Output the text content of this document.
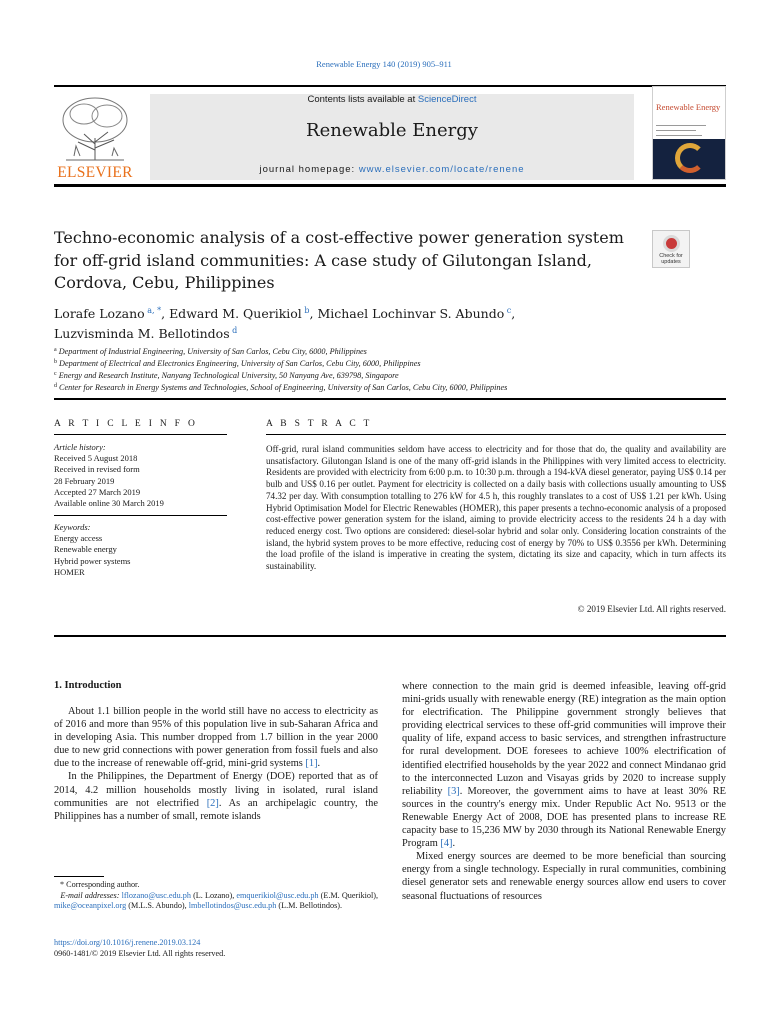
Renewable Energy 140 (2019) 905–911
ELSEVIER
Contents lists available at ScienceDirect
Renewable Energy
journal homepage: www.elsevier.com/locate/renene
Renewable Energy
Techno-economic analysis of a cost-effective power generation system for off-grid island communities: A case study of Gilutongan Island, Cordova, Cebu, Philippines
Check for updates
Lorafe Lozano $^{a, *}$, Edward M. Querikiol $^b$, Michael Lochinvar S. Abundo $^c$,
Luzvisminda M. Bellotindos $^d$
$^a$ Department of Industrial Engineering, University of San Carlos, Cebu City, 6000, Philippines
$^b$ Department of Electrical and Electronics Engineering, University of San Carlos, Cebu City, 6000, Philippines
$^c$ Energy and Research Institute, Nanyang Technological University, 50 Nanyang Ave, 639798, Singapore
$^d$ Center for Research in Energy Systems and Technologies, School of Engineering, University of San Carlos, Cebu City, 6000, Philippines
A R T I C L E I N F O
Article history:
Received 5 August 2018
Received in revised form
28 February 2019
Accepted 27 March 2019
Available online 30 March 2019
Keywords:
Energy access
Renewable energy
Hybrid power systems
HOMER
A B S T R A C T
Off-grid, rural island communities seldom have access to electricity and for those that do, the quality and availability are unsatisfactory. Gilutongan Island is one of the many off-grid islands in the Philippines with very limited access to electricity. Residents are provided with electricity from 6:00 p.m. to 10:30 p.m. through a 194-kVA diesel generator, paying US$ 0.14 per bulb and US$ 0.16 per outlet. Payment for electricity is collected on a daily basis with collections usually amounting to US$ 74.32 per day. With consumption totalling to 276 kW for 4.5 h, this roughly translates to a cost of US$ 1.21 per kWh. Using Hybrid Optimisation Model for Electric Renewables (HOMER), this paper presents a techno-economic analysis of a proposed cost-effective power generation system for the island, aiming to provide electricity access to the residents 24 h a day with reduced energy cost. Two options are considered: diesel-solar hybrid and solar only. Considering location constraints of the island, the hybrid system proves to be more effective, reducing cost of energy by 70% to US$ 0.3556 per kWh. Determining the load profile of the island is imperative in creating the system, dictating its size and capacity, which in turn affects its sustainability.
© 2019 Elsevier Ltd. All rights reserved.
1. Introduction

About 1.1 billion people in the world still have no access to electricity as of 2016 and more than 95% of this population live in sub-Saharan Africa and in developing Asia. This number dropped from 1.7 billion in the year 2000 due to new grid connections with power generation from fossil fuels and also due to the increase of renewable off-grid, mini-grid systems [1].

In the Philippines, the Department of Energy (DOE) reported that as of 2014, 4.2 million households mostly living in isolated, rural island communities are not electrified [2]. As an archipelagic country, the Philippines has a number of small, remote islands

where connection to the main grid is deemed infeasible, leaving off-grid mini-grids usually with renewable energy (RE) integration as the main option for electrification. The Philippine government strongly believes that providing electrical services to these off-grid communities will improve their quality of life, expand access to basic services, and strengthen infrastructure for rural development. DOE foresees to achieve 100% electrification of identified electrified households by the year 2022 and connect Mindanao grid to the interconnected Luzon and Visayas grids by 2020 to increase supply reliability [3]. Moreover, the government aims to have at least 30% RE sources in the country's energy mix. Under Republic Act No. 9513 or the Renewable Energy Act of 2008, DOE has presented plans to increase RE capacity base to 15,236 MW by 2030 through its National Renewable Energy Program [4].

Mixed energy sources are deemed to be more beneficial than sourcing energy from a single technology. Especially in rural communities, combining diesel generator sets and renewable energy sources allow end users to cover seasonal fluctuations of resources

* Corresponding author.
E-mail addresses: lflozano@usc.edu.ph (L. Lozano), emquerikiol@usc.edu.ph (E.M. Querikiol), mike@oceanpixel.org (M.L.S. Abundo), lmbellotindos@usc.edu.ph (L.M. Bellotindos).
https://doi.org/10.1016/j.renene.2019.03.124
0960-1481/© 2019 Elsevier Ltd. All rights reserved.
